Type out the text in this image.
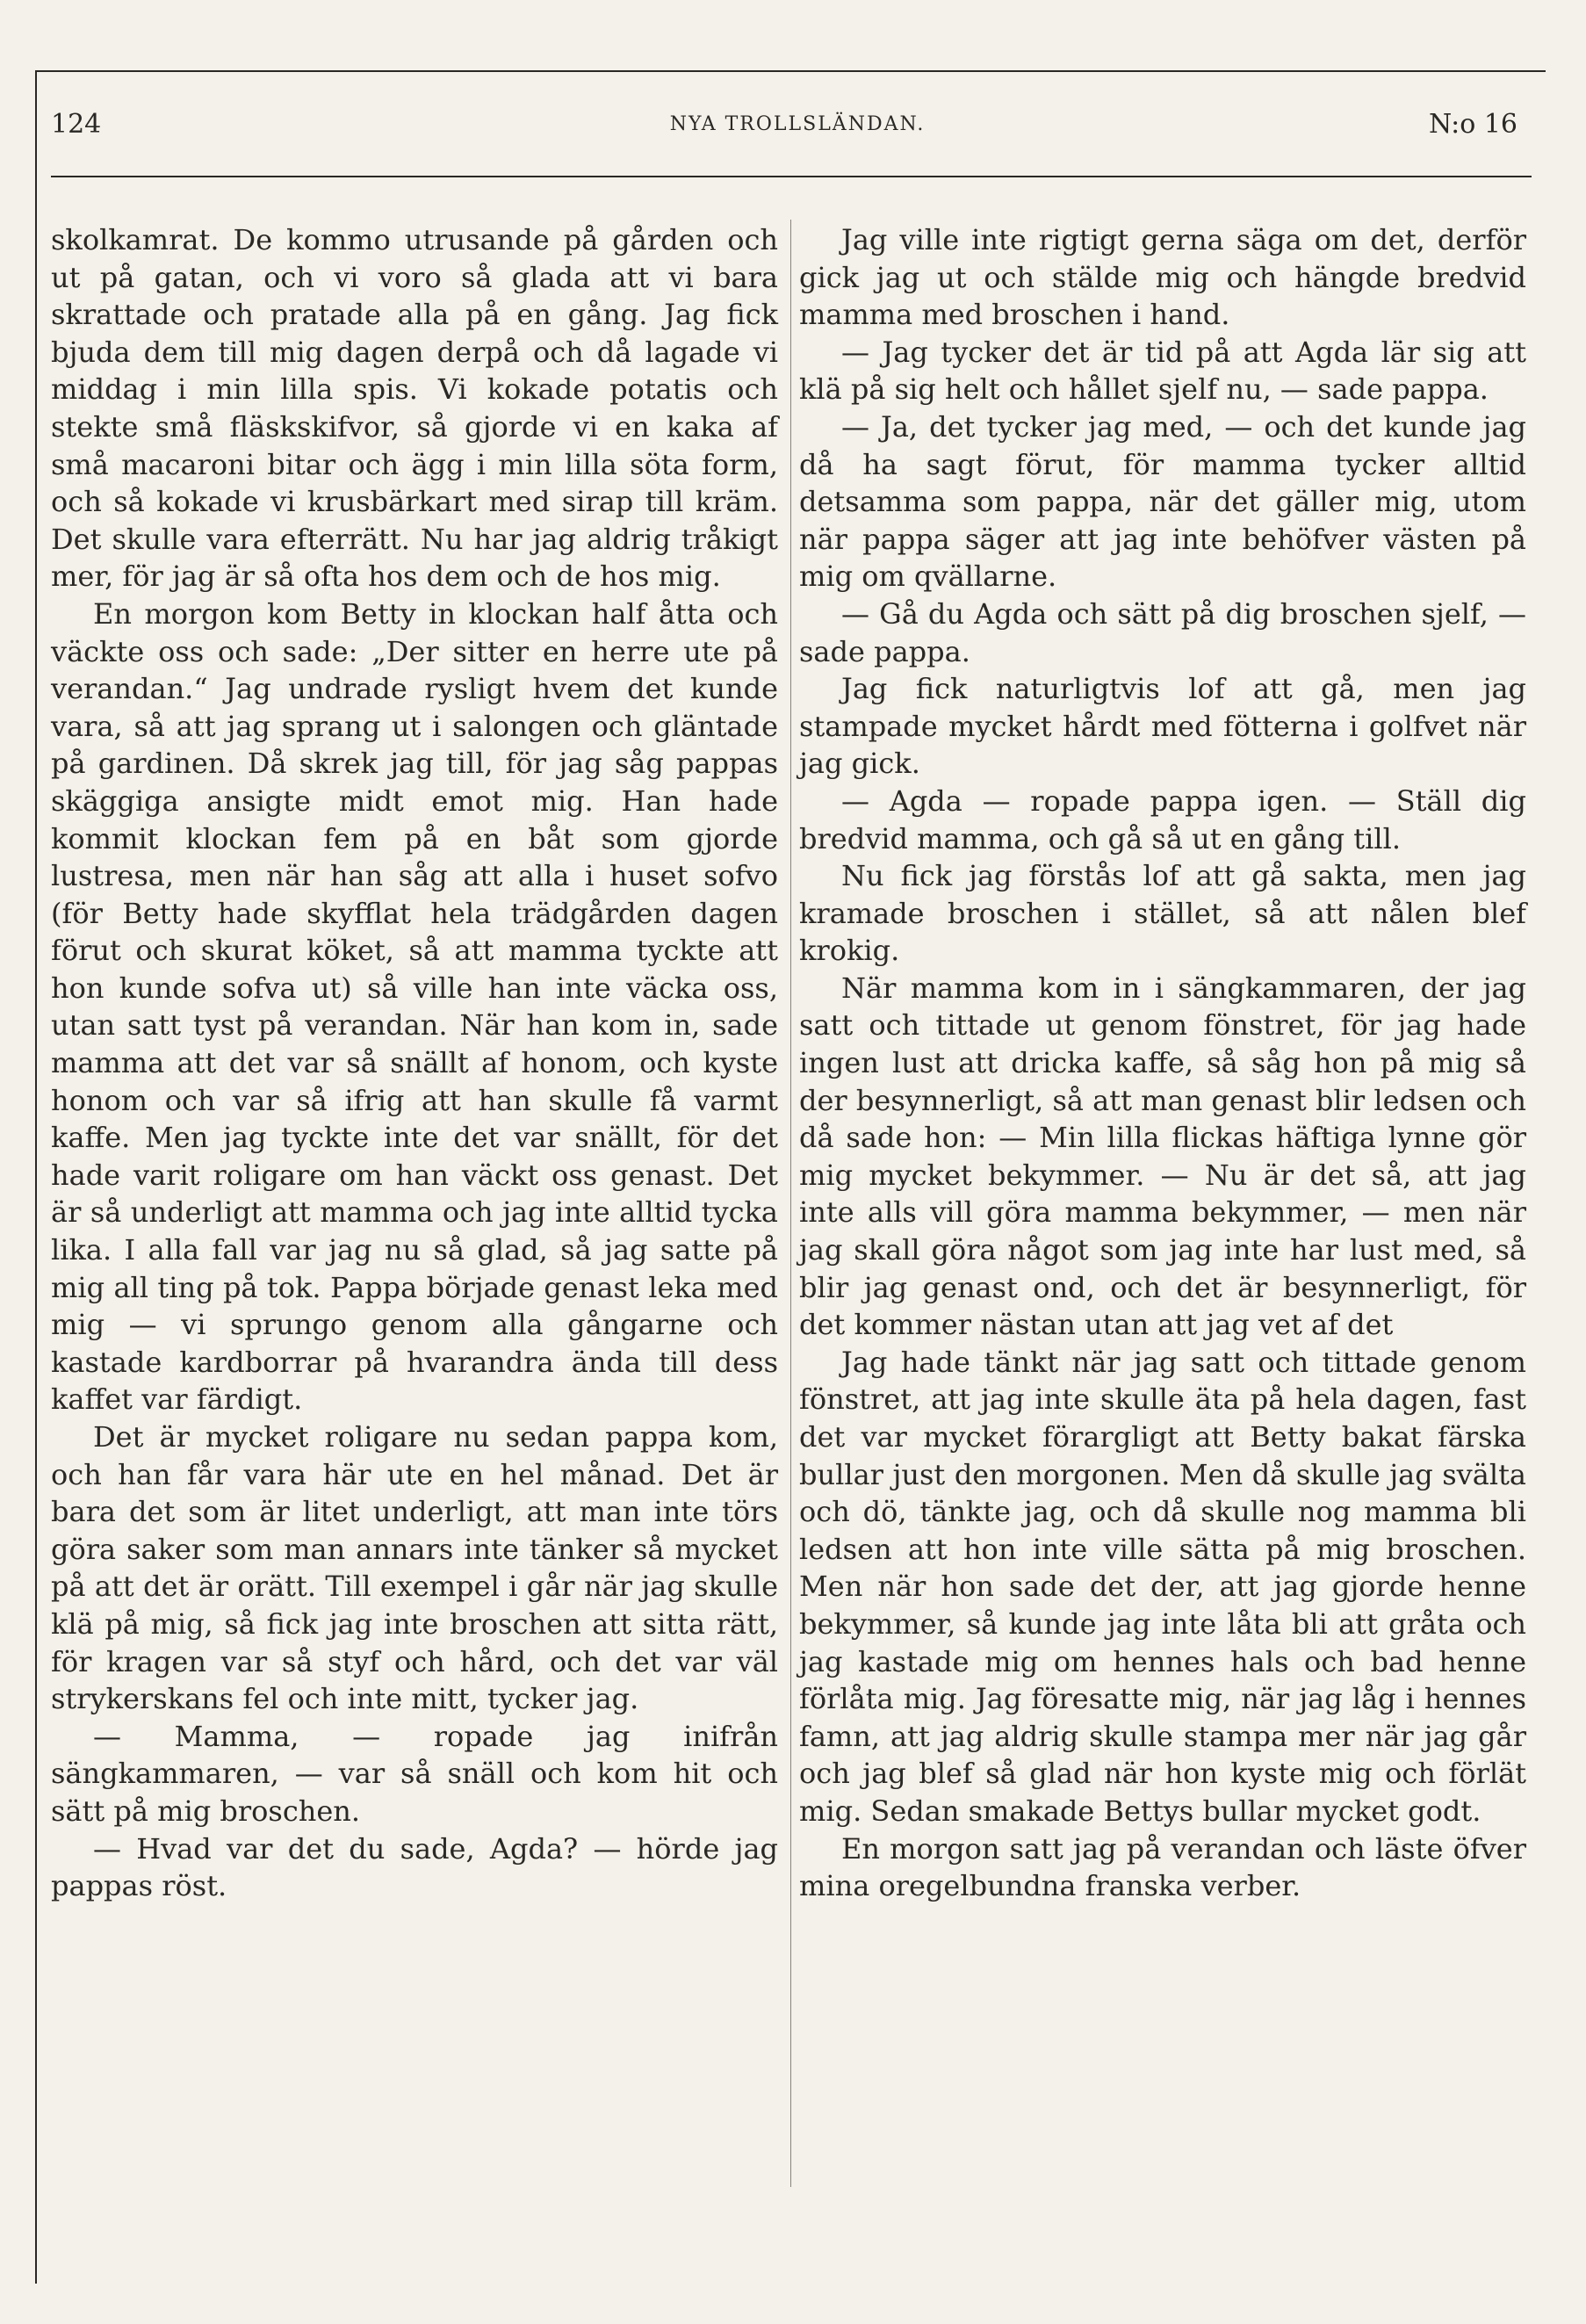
124	NYA TROLLSLÄNDAN.	N:o 16

skolkamrat. De kommo utrusande på gården och ut på gatan, och vi voro så glada att vi bara skrattade och pratade alla på en gång. Jag fick bjuda dem till mig dagen derpå och då lagade vi middag i min lilla spis. Vi kokade potatis och stekte små fläskskifvor, så gjorde vi en kaka af små macaroni bitar och ägg i min lilla söta form, och så kokade vi krusbärkart med sirap till kräm. Det skulle vara efterrätt. Nu har jag aldrig tråkigt mer, för jag är så ofta hos dem och de hos mig.

En morgon kom Betty in klockan half åtta och väckte oss och sade: „Der sitter en herre ute på verandan.“ Jag undrade rysligt hvem det kunde vara, så att jag sprang ut i salongen och gläntade på gardinen. Då skrek jag till, för jag såg pappas skäggiga ansigte midt emot mig. Han hade kommit klockan fem på en båt som gjorde lustresa, men när han såg att alla i huset sofvo (för Betty hade skyfflat hela trädgården dagen förut och skurat köket, så att mamma tyckte att hon kunde sofva ut) så ville han inte väcka oss, utan satt tyst på verandan. När han kom in, sade mamma att det var så snällt af honom, och kyste honom och var så ifrig att han skulle få varmt kaffe. Men jag tyckte inte det var snällt, för det hade varit roligare om han väckt oss genast. Det är så underligt att mamma och jag inte alltid tycka lika. I alla fall var jag nu så glad, så jag satte på mig all ting på tok. Pappa började genast leka med mig — vi sprungo genom alla gångarne och kastade kardborrar på hvarandra ända till dess kaffet var färdigt.

Det är mycket roligare nu sedan pappa kom, och han får vara här ute en hel månad. Det är bara det som är litet underligt, att man inte törs göra saker som man annars inte tänker så mycket på att det är orätt. Till exempel i går när jag skulle klä på mig, så fick jag inte broschen att sitta rätt, för kragen var så styf och hård, och det var väl strykerskans fel och inte mitt, tycker jag.

— Mamma, — ropade jag inifrån sängkammaren, — var så snäll och kom hit och sätt på mig broschen.

— Hvad var det du sade, Agda? — hörde jag pappas röst.

Jag ville inte rigtigt gerna säga om det, derför gick jag ut och stälde mig och hängde bredvid mamma med broschen i hand.

— Jag tycker det är tid på att Agda lär sig att klä på sig helt och hållet sjelf nu, — sade pappa.

— Ja, det tycker jag med, — och det kunde jag då ha sagt förut, för mamma tycker alltid detsamma som pappa, när det gäller mig, utom när pappa säger att jag inte behöfver västen på mig om qvällarne.

— Gå du Agda och sätt på dig broschen sjelf, — sade pappa.

Jag fick naturligtvis lof att gå, men jag stampade mycket hårdt med fötterna i golfvet när jag gick.

— Agda — ropade pappa igen. — Ställ dig bredvid mamma, och gå så ut en gång till.

Nu fick jag förstås lof att gå sakta, men jag kramade broschen i stället, så att nålen blef krokig.

När mamma kom in i sängkammaren, der jag satt och tittade ut genom fönstret, för jag hade ingen lust att dricka kaffe, så såg hon på mig så der besynnerligt, så att man genast blir ledsen och då sade hon: — Min lilla flickas häftiga lynne gör mig mycket bekymmer. — Nu är det så, att jag inte alls vill göra mamma bekymmer, — men när jag skall göra något som jag inte har lust med, så blir jag genast ond, och det är besynnerligt, för det kommer nästan utan att jag vet af det

Jag hade tänkt när jag satt och tittade genom fönstret, att jag inte skulle äta på hela dagen, fast det var mycket förargligt att Betty bakat färska bullar just den morgonen. Men då skulle jag svälta och dö, tänkte jag, och då skulle nog mamma bli ledsen att hon inte ville sätta på mig broschen. Men när hon sade det der, att jag gjorde henne bekymmer, så kunde jag inte låta bli att gråta och jag kastade mig om hennes hals och bad henne förlåta mig. Jag föresatte mig, när jag låg i hennes famn, att jag aldrig skulle stampa mer när jag går och jag blef så glad när hon kyste mig och förlät mig. Sedan smakade Bettys bullar mycket godt.

En morgon satt jag på verandan och läste öfver mina oregelbundna franska verber.
